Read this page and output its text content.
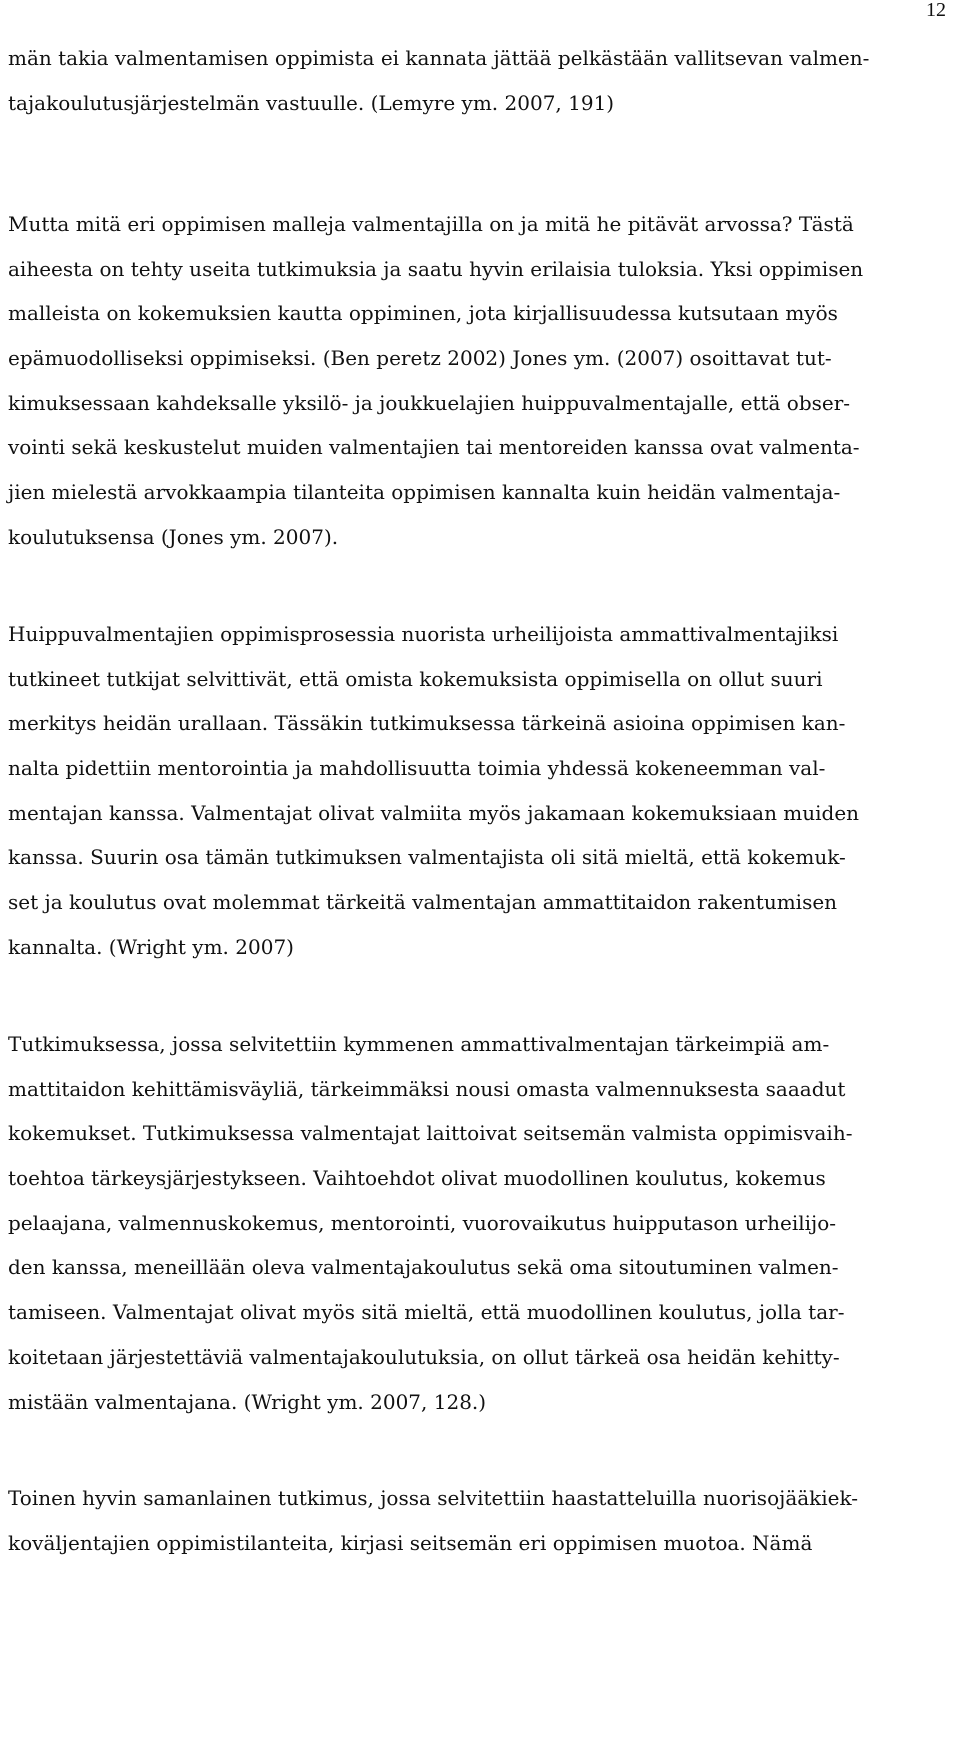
12
män takia valmentamisen oppimista ei kannata jättää pelkästään vallitsevan valmen-
tajakoulutusjärjestelmän vastuulle. (Lemyre ym. 2007, 191)
Mutta mitä eri oppimisen malleja valmentajilla on ja mitä he pitävät arvossa? Tästä
aiheesta on tehty useita tutkimuksia ja saatu hyvin erilaisia tuloksia. Yksi oppimisen
malleista on kokemuksien kautta oppiminen, jota kirjallisuudessa kutsutaan myös
epämuodolliseksi oppimiseksi. (Ben peretz 2002) Jones ym. (2007) osoittavat tut-
kimuksessaan kahdeksalle yksilö- ja joukkuelajien huippuvalmentajalle, että obser-
vointi sekä keskustelut muiden valmentajien tai mentoreiden kanssa ovat valmenta-
jien mielestä arvokkaampia tilanteita oppimisen kannalta kuin heidän valmentaja-
koulutuksensa (Jones ym. 2007).
Huippuvalmentajien oppimisprosessia nuorista urheilijoista ammattivalmentajiksi
tutkineet tutkijat selvittivät, että omista kokemuksista oppimisella on ollut suuri
merkitys heidän urallaan. Tässäkin tutkimuksessa tärkeinä asioina oppimisen kan-
nalta pidettiin mentorointia ja mahdollisuutta toimia yhdessä kokeneemman val-
mentajan kanssa. Valmentajat olivat valmiita myös jakamaan kokemuksiaan muiden
kanssa. Suurin osa tämän tutkimuksen valmentajista oli sitä mieltä, että kokemuk-
set ja koulutus ovat molemmat tärkeitä valmentajan ammattitaidon rakentumisen
kannalta. (Wright ym. 2007)
Tutkimuksessa, jossa selvitettiin kymmenen ammattivalmentajan tärkeimpiä am-
mattitaidon kehittämisväyliä, tärkeimmäksi nousi omasta valmennuksesta saaadut
kokemukset. Tutkimuksessa valmentajat laittoivat seitsemän valmista oppimisvaih-
toehtoa tärkeysjärjestykseen. Vaihtoehdot olivat muodollinen koulutus, kokemus
pelaajana, valmennuskokemus, mentorointi, vuorovaikutus huipputason urheilijo-
den kanssa, meneillään oleva valmentajakoulutus sekä oma sitoutuminen valmen-
tamiseen. Valmentajat olivat myös sitä mieltä, että muodollinen koulutus, jolla tar-
koitetaan järjestettäviä valmentajakoulutuksia, on ollut tärkeä osa heidän kehitty-
mistään valmentajana. (Wright ym. 2007, 128.)
Toinen hyvin samanlainen tutkimus, jossa selvitettiin haastatteluilla nuorisojääkiek-
koväljentajien oppimistilanteita, kirjasi seitsemän eri oppimisen muotoa. Nämä
